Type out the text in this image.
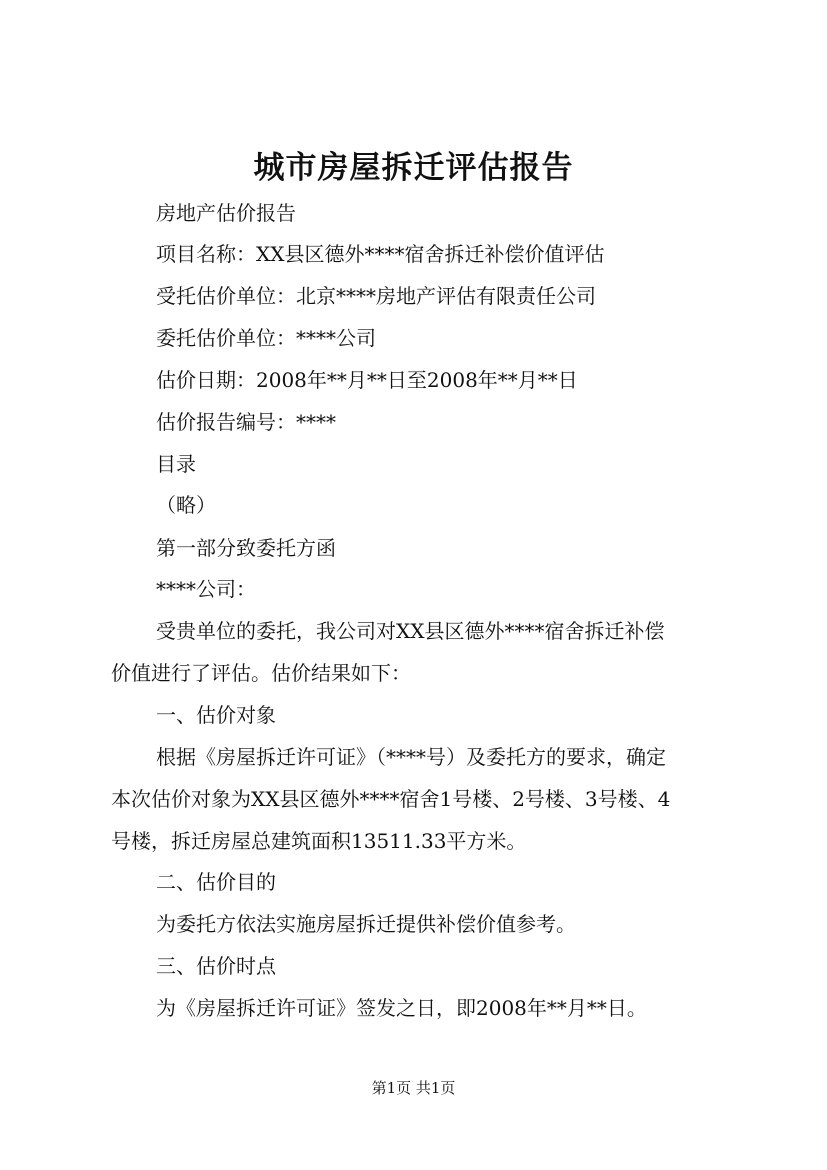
城市房屋拆迁评估报告
房地产估价报告
项目名称：XX县区德外****宿舍拆迁补偿价值评估
受托估价单位：北京****房地产评估有限责任公司
委托估价单位：****公司
估价日期：2008年**月**日至2008年**月**日
估价报告编号：****
目录
（略）
第一部分致委托方函
****公司：
受贵单位的委托，我公司对XX县区德外****宿舍拆迁补偿
价值进行了评估。估价结果如下：
一、估价对象
根据《房屋拆迁许可证》（****号）及委托方的要求，确定
本次估价对象为XX县区德外****宿舍1号楼、2号楼、3号楼、4
号楼，拆迁房屋总建筑面积13511.33平方米。
二、估价目的
为委托方依法实施房屋拆迁提供补偿价值参考。
三、估价时点
为《房屋拆迁许可证》签发之日，即2008年**月**日。
第1页 共1页
